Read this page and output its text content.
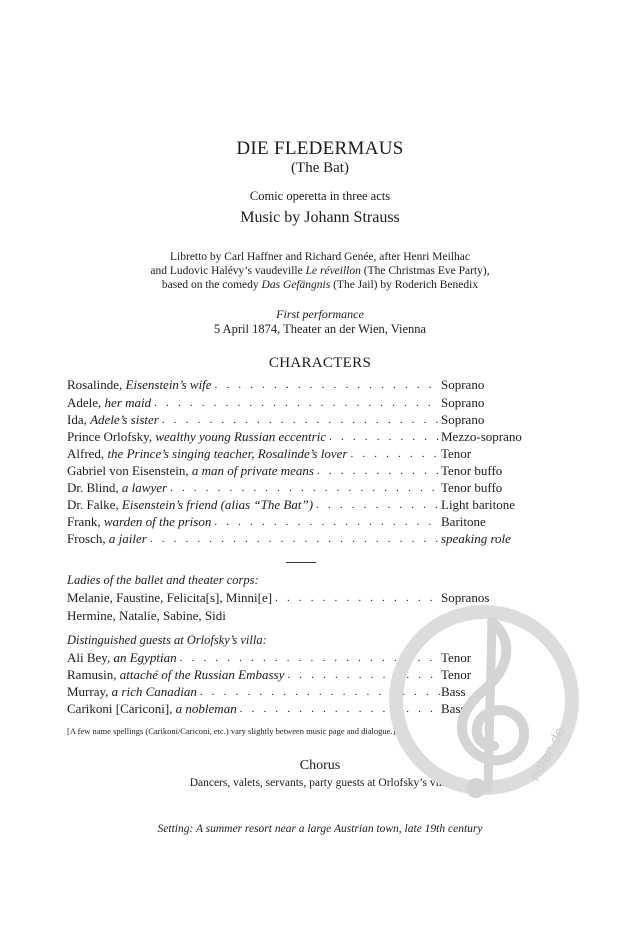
DIE FLEDERMAUS
(The Bat)
Comic operetta in three acts
Music by Johann Strauss
Libretto by Carl Haffner and Richard Genée, after Henri Meilhac
and Ludovic Halévy’s vaudeville Le réveillon (The Christmas Eve Party),
based on the comedy Das Gefängnis (The Jail) by Roderich Benedix
First performance
5 April 1874, Theater an der Wien, Vienna
CHARACTERS
Rosalinde, Eisenstein’s wife . . .	Soprano
Adele, her maid . . .	Soprano
Ida, Adele’s sister . . .	Soprano
Prince Orlofsky, wealthy young Russian eccentric . . .	Mezzo-soprano
Alfred, the Prince’s singing teacher, Rosalinde’s lover . . .	Tenor
Gabriel von Eisenstein, a man of private means . . .	Tenor buffo
Dr. Blind, a lawyer . . .	Tenor buffo
Dr. Falke, Eisenstein’s friend (alias “The Bat”) . . .	Light baritone
Frank, warden of the prison . . .	Baritone
Frosch, a jailer . . .	speaking role
Ladies of the ballet and theater corps:
Melanie, Faustine, Felicita[s], Minni[e] . . .	Sopranos
Hermine, Natalie, Sabine, Sidi
Distinguished guests at Orlofsky’s villa:
Ali Bey, an Egyptian . . .	Tenor
Ramusin, attaché of the Russian Embassy . . .	Tenor
Murray, a rich Canadian . . .	Bass
Carikoni [Cariconi], a nobleman . . .	Bass
[A few name spellings (Carikoni/Cariconi, etc.) vary slightly between music page and dialogue.]
Chorus
Dancers, valets, servants, party guests at Orlofsky’s villa
Setting: A summer resort near a large Austrian town, late 19th century
noten.de
